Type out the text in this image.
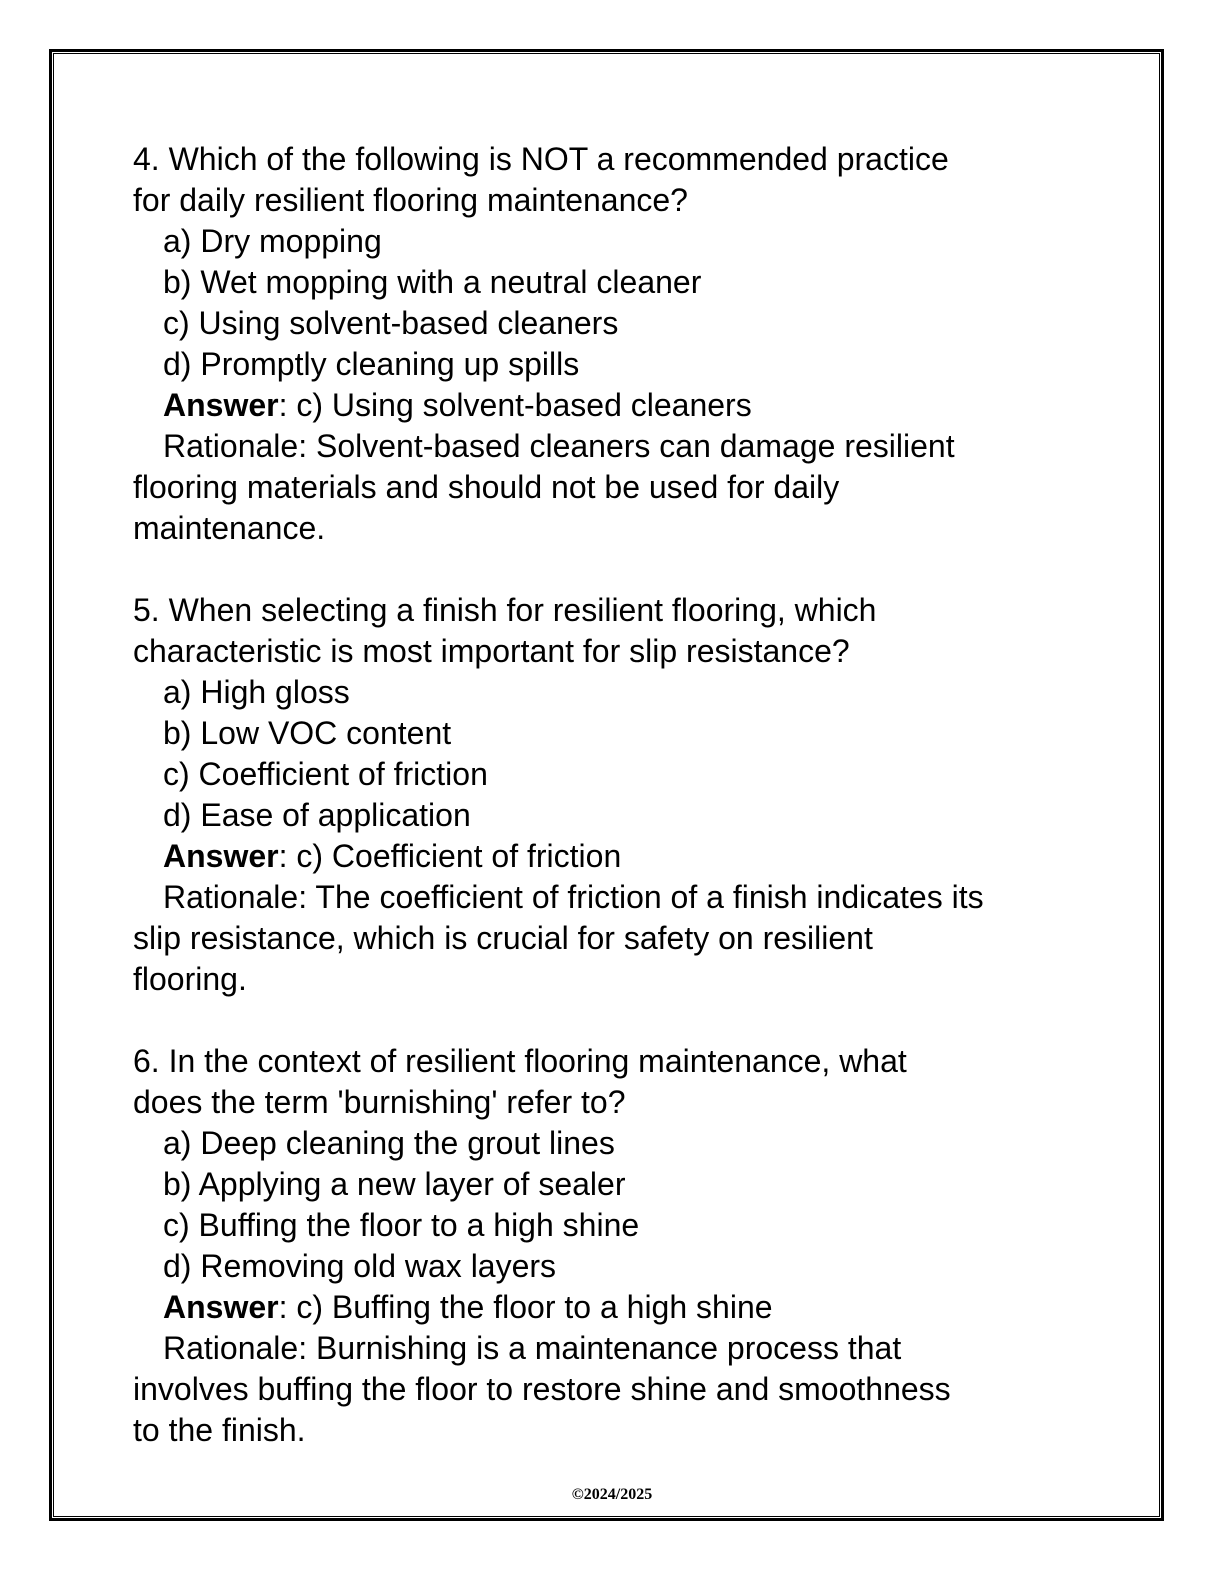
4. Which of the following is NOT a recommended practice
for daily resilient flooring maintenance?
a) Dry mopping
b) Wet mopping with a neutral cleaner
c) Using solvent-based cleaners
d) Promptly cleaning up spills
Answer: c) Using solvent-based cleaners
Rationale: Solvent-based cleaners can damage resilient
flooring materials and should not be used for daily
maintenance.
5. When selecting a finish for resilient flooring, which
characteristic is most important for slip resistance?
a) High gloss
b) Low VOC content
c) Coefficient of friction
d) Ease of application
Answer: c) Coefficient of friction
Rationale: The coefficient of friction of a finish indicates its
slip resistance, which is crucial for safety on resilient
flooring.
6. In the context of resilient flooring maintenance, what
does the term 'burnishing' refer to?
a) Deep cleaning the grout lines
b) Applying a new layer of sealer
c) Buffing the floor to a high shine
d) Removing old wax layers
Answer: c) Buffing the floor to a high shine
Rationale: Burnishing is a maintenance process that
involves buffing the floor to restore shine and smoothness
to the finish.
©2024/2025
